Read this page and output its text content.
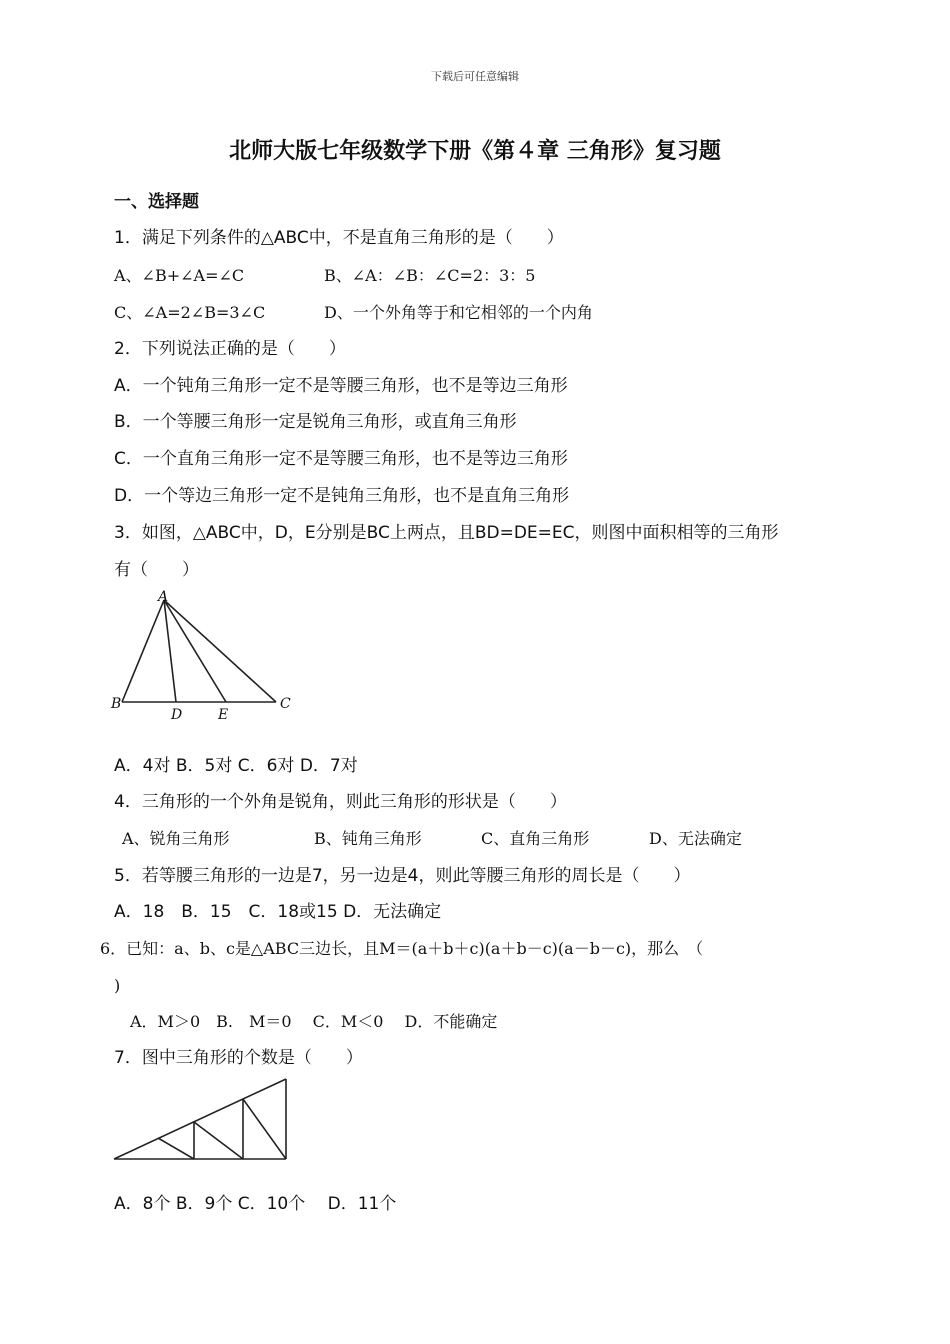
下载后可任意编辑
北师大版七年级数学下册《第４章 三角形》复习题
一、选择题
1．满足下列条件的△ABC中，不是直角三角形的是（　　）
A、∠B+∠A=∠C	B、∠A：∠B：∠C=2：3：5
C、∠A=2∠B=3∠C	D、一个外角等于和它相邻的一个内角
2．下列说法正确的是（　　）
A．一个钝角三角形一定不是等腰三角形，也不是等边三角形
B．一个等腰三角形一定是锐角三角形，或直角三角形
C．一个直角三角形一定不是等腰三角形，也不是等边三角形
D．一个等边三角形一定不是钝角三角形，也不是直角三角形
3．如图，△ABC中，D，E分别是BC上两点，且BD=DE=EC，则图中面积相等的三角形
有（　　）
A
B	C
D	E
A．4对 B．5对 C．6对 D．7对
4．三角形的一个外角是锐角，则此三角形的形状是（　　）
A、锐角三角形	B、钝角三角形	C、直角三角形	D、无法确定
5．若等腰三角形的一边是7，另一边是4，则此等腰三角形的周长是（　　）
A．18　B．15　C．18或15 D．无法确定
6．已知：a、b、c是△ABC三边长，且M＝(a＋b＋c)(a＋b－c)(a－b－c)，那么　（
)
A．M＞0　B.　M＝0　 C．M＜0　 D．不能确定
7．图中三角形的个数是（　　）
A．8个 B．9个 C．10个　 D．11个
